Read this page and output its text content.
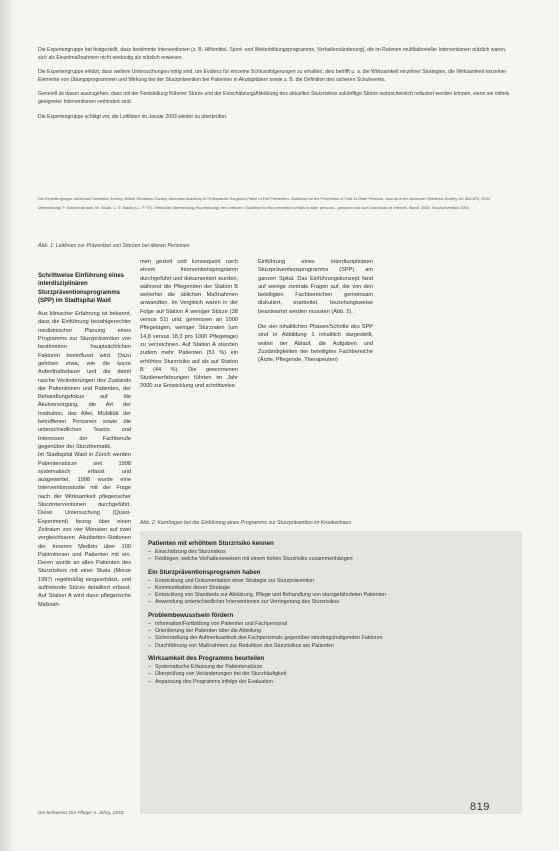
Die Expertengruppe hat festgestellt, dass bestimmte Interventionen (z. B. Hilfsmittel, Sport- und Weiterbildungsprogramme, Verhaltensänderung), die im Rahmen multifaktorieller Interventionen nützlich waren, sich als Einzelmaßnahmen nicht eindeutig als nützlich erwiesen.

Die Expertengruppe erklärt, dass weitere Untersuchungen nötig sind, um Evidenz für einzelne Schlussfolgerungen zu erhalten, dies betrifft u. a. die Wirksamkeit einzelner Strategien, die Wirksamkeit einzelner Elemente von Übungsprogrammen und Wirkung bei der Sturzprävention bei Patienten in Akutspitälern sowie z. B. die Definition des sicheren Schuhwerks.

Generell ist davon auszugehen, dass mit der Feststellung früherer Stürze und der Einschätzung/Abklärung des aktuellen Sturzrisikos zukünftige Stürze wahrscheinlich reduziert werden können, wenn sie mittels geeigneter Interventionen verhindert sind.

Die Expertengruppe schlägt vor, die Leitlinien im Januar 2003 wieder zu überprüfen.

Die Expertengruppe: American Geriatrics Society, British Geriatrics Society, American Academy of Orthopaedic Surgeons Panel of Fall Prevention: Guideline for the Prevention of Falls in Older Persons. Journal of the American Geriatrics Society 49: 664-672, 2001.

Übersetzung: P. Schwendimann, M. Glaab, C. E. Baum (LL. P. ST). Verkürzte Übersetzung (Kurzfassung) der Leitlinien: Guideline for the prevention of falls in older persons – prepared nur zum Download im Internet, Stand: 2004, Sturzprävention 2004.

Abb. 1: Leitlinien zur Prävention von Stürzen bei älteren Personen
Schrittweise Einführung eines interdisziplinären Sturzpräventionsprogramms (SPP) im Stadtspital Waid

Aus klinischer Erfahrung ist bekannt, dass die Einführung bezahlgerechter medizinischer Planung eines Programms zur Sturzprävention von bestimmten hauptsächlichen Faktoren beeinflusst wird. Dazu gehören etwa, wie die kurze Aufenthaltsdauer und die damit rasche Veränderungen des Zustands der Patientinnen und Patienten, der Behandlungsfokus auf die Akutversorgung, die Art der Institution, das Alter, Mobilität der betroffenen Personen sowie die unterschiedlichen Teams und Interessen der Fachberufe gegenüber der Sturzthematik.

Im Stadtspital Waid in Zürich werden Patientenstürze seit 1998 systematisch erfasst und ausgewertet. 1998 wurde eine Interventionsstudie mit der Frage nach der Wirksamkeit pflegerischer Sturzinterventionen durchgeführt. Diese Untersuchung (Quasi-Experiment) bezog über einen Zeitraum von vier Monaten auf zwei vergleichbaren Akutbetten-Stationen der Inneren Medizin über 100 Patientinnen und Patienten mit ein. Deren wurde an allen Patienten des Sturzrisikos mit einer Skala (Morse 1997) regelmäßig eingeschätzt, und auftretende Stürze detailliert erfasst. Auf Station A wird dann pflegerische Maßnah-

men gezielt und konsequent nach einem Interventionsprogramm durchgeführt und dokumentiert wurden, während die Pflegenden der Station B weiterhin die üblichen Maßnahmen anwandten. Im Vergleich waren in der Folge auf Station A weniger Stürze (38 versus 51) und, gemessen an 1000 Pflegetagen, weniger Sturzraten (um 14,8 versus 18,3 pro 1000 Pflegetage) zu verzeichnen. Auf Station A stürzten zudem mehr Patienten (51 %) ein erhöhtes Sturzrisiko auf als auf Station B (44 %). Die gewonnenen Studienerfahrungen führten im Jahr 2000 zur Entwicklung und schrittweise

Einführung eines interdisziplinären Sturzpräventionsprogramms (SPP) am ganzen Spital. Das Einführungskonzept fand auf wenige zentrale Fragen auf, die von den beteiligten Fachbereichen gemeinsam diskutiert, erarbeitet, beziehungsweise beantwortet werden mussten (Abb. 2).

Die vier inhaltlichen Phasen/Schritte des SPP sind in Abbildung 1 inhaltlich dargestellt, wobei der Ablauf, die Aufgaben und Zuständigkeiten der beteiligten Fachbereiche (Ärzte, Pflegende, Therapeuten)

Abb. 2: Kernfragen bei der Einführung eines Programms zur Sturzprävention im Krankenhaus
Patienten mit erhöhtem Sturzrisiko kennen
– Einschätzung des Sturzrisikos
– Festlegen, welche Verhaltensweisen mit einem hohen Sturzrisiko zusammenhängen
Ein Sturzpräventionsprogramm haben
– Entwicklung und Dokumentation einer Strategie zur Sturzprävention
– Kommunikation dieser Strategie
– Entwicklung von Standards zur Abklärung, Pflege und Behandlung von sturzgefährdeten Patienten
– Anwendung unterschiedlicher Interventionen zur Verringerung des Sturzrisikos
Problembewusstsein fördern
– Information/Fortbildung von Patienten und Fachpersonal
– Orientierung der Patienten über die Abteilung
– Sicherstellung der Aufmerksamkeit des Fachpersonals gegenüber sturzbegünstigenden Faktoren
– Durchführung von Maßnahmen zur Reduktion des Sturzrisikos am Patienten
Wirksamkeit des Programms beurteilen
– Systematische Erfassung der Patientenstürze
– Überprüfung von Veränderungen bei der Sturzhäufigkeit
– Anpassung des Programms infolge der Evaluation
Die Schwester Der Pfleger 4. Jahrg. 10/02	819
